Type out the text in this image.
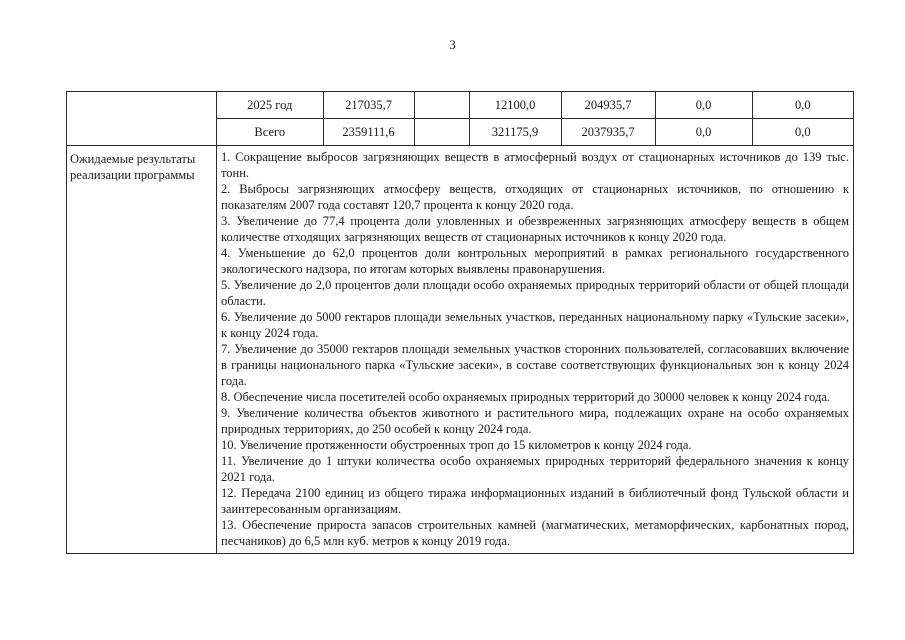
3

2025 год	217035,7		12100,0	204935,7	0,0	0,0
Всего	2359111,6		321175,9	2037935,7	0,0	0,0

Ожидаемые результаты реализации программы	
1. Сокращение выбросов загрязняющих веществ в атмосферный воздух от стационарных источников до 139 тыс. тонн.
2. Выбросы загрязняющих атмосферу веществ, отходящих от стационарных источников, по отношению к показателям 2007 года составят 120,7 процента к концу 2020 года.
3. Увеличение до 77,4 процента доли уловленных и обезвреженных загрязняющих атмосферу веществ в общем количестве отходящих загрязняющих веществ от стационарных источников к концу 2020 года.
4. Уменьшение до 62,0 процентов доли контрольных мероприятий в рамках регионального государственного экологического надзора, по итогам которых выявлены правонарушения.
5. Увеличение до 2,0 процентов доли площади особо охраняемых природных территорий области от общей площади области.
6. Увеличение до 5000 гектаров площади земельных участков, переданных национальному парку «Тульские засеки», к концу 2024 года.
7. Увеличение до 35000 гектаров площади земельных участков сторонних пользователей, согласовавших включение в границы национального парка «Тульские засеки», в составе соответствующих функциональных зон к концу 2024 года.
8. Обеспечение числа посетителей особо охраняемых природных территорий до 30000 человек к концу 2024 года.
9. Увеличение количества объектов животного и растительного мира, подлежащих охране на особо охраняемых природных территориях, до 250 особей к концу 2024 года.
10. Увеличение протяженности обустроенных троп до 15 километров к концу 2024 года.
11. Увеличение до 1 штуки количества особо охраняемых природных территорий федерального значения к концу 2021 года.
12. Передача 2100 единиц из общего тиража информационных изданий в библиотечный фонд Тульской области и заинтересованным организациям.
13. Обеспечение прироста запасов строительных камней (магматических, метаморфических, карбонатных пород, песчаников) до 6,5 млн куб. метров к концу 2019 года.
